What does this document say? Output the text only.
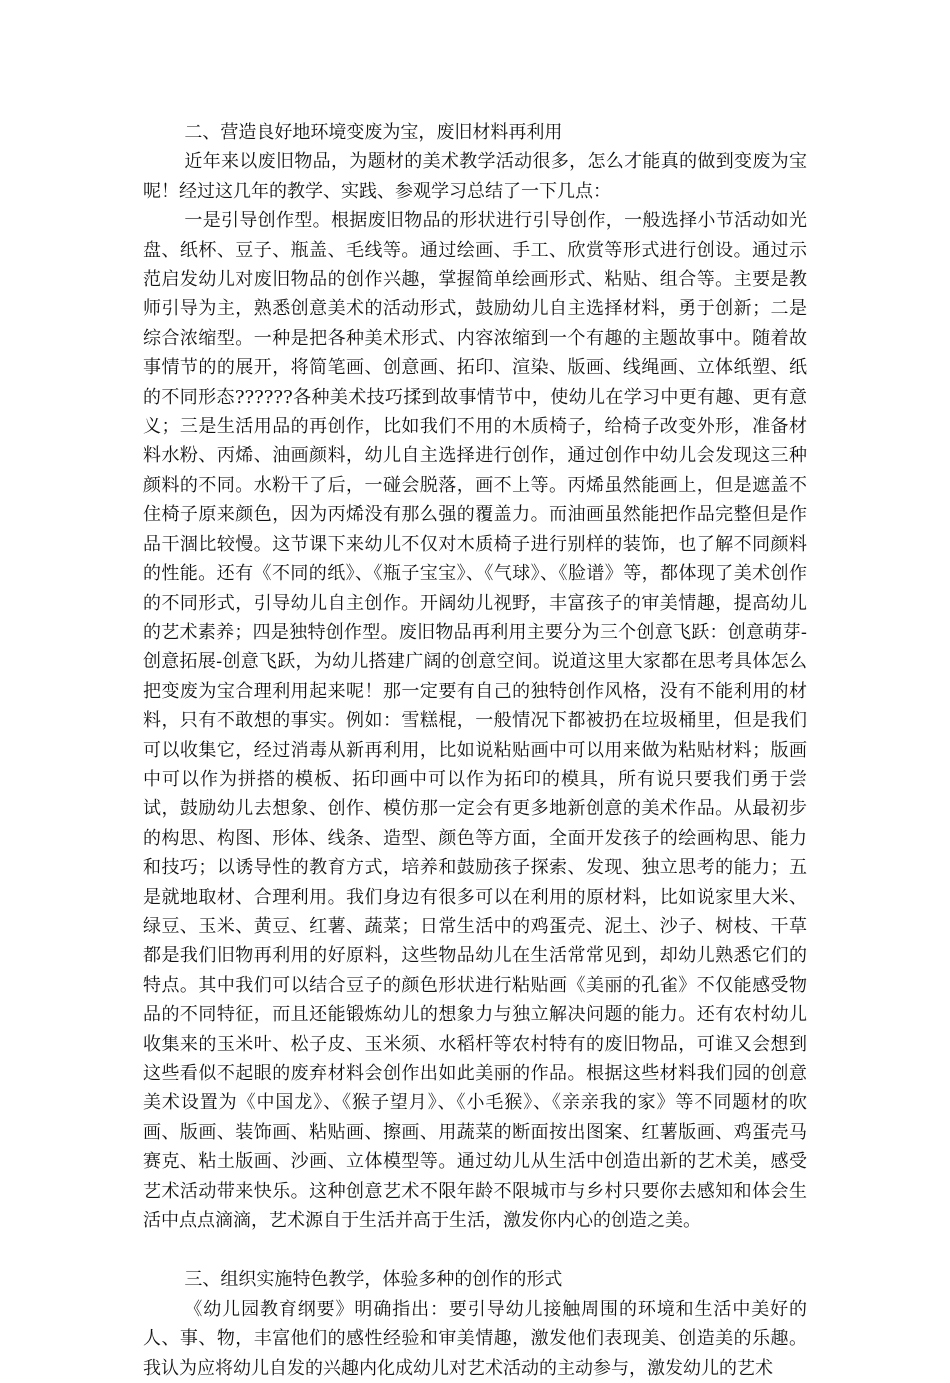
二、营造良好地环境变废为宝，废旧材料再利用

近年来以废旧物品，为题材的美术教学活动很多，怎么才能真的做到变废为宝呢！经过这几年的教学、实践、参观学习总结了一下几点：

一是引导创作型。根据废旧物品的形状进行引导创作，一般选择小节活动如光盘、纸杯、豆子、瓶盖、毛线等。通过绘画、手工、欣赏等形式进行创设。通过示范启发幼儿对废旧物品的创作兴趣，掌握简单绘画形式、粘贴、组合等。主要是教师引导为主，熟悉创意美术的活动形式，鼓励幼儿自主选择材料，勇于创新；二是综合浓缩型。一种是把各种美术形式、内容浓缩到一个有趣的主题故事中。随着故事情节的的展开，将简笔画、创意画、拓印、渲染、版画、线绳画、立体纸塑、纸的不同形态??????各种美术技巧揉到故事情节中，使幼儿在学习中更有趣、更有意义；三是生活用品的再创作，比如我们不用的木质椅子，给椅子改变外形，准备材料水粉、丙烯、油画颜料，幼儿自主选择进行创作，通过创作中幼儿会发现这三种颜料的不同。水粉干了后，一碰会脱落，画不上等。丙烯虽然能画上，但是遮盖不住椅子原来颜色，因为丙烯没有那么强的覆盖力。而油画虽然能把作品完整但是作品干涸比较慢。这节课下来幼儿不仅对木质椅子进行别样的装饰，也了解不同颜料的性能。还有《不同的纸》、《瓶子宝宝》、《气球》、《脸谱》等，都体现了美术创作的不同形式，引导幼儿自主创作。开阔幼儿视野，丰富孩子的审美情趣，提高幼儿的艺术素养；四是独特创作型。废旧物品再利用主要分为三个创意飞跃：创意萌芽-创意拓展-创意飞跃，为幼儿搭建广阔的创意空间。说道这里大家都在思考具体怎么把变废为宝合理利用起来呢！那一定要有自己的独特创作风格，没有不能利用的材料，只有不敢想的事实。例如：雪糕棍，一般情况下都被扔在垃圾桶里，但是我们可以收集它，经过消毒从新再利用，比如说粘贴画中可以用来做为粘贴材料；版画中可以作为拼搭的模板、拓印画中可以作为拓印的模具，所有说只要我们勇于尝试，鼓励幼儿去想象、创作、模仿那一定会有更多地新创意的美术作品。从最初步的构思、构图、形体、线条、造型、颜色等方面，全面开发孩子的绘画构思、能力和技巧；以诱导性的教育方式，培养和鼓励孩子探索、发现、独立思考的能力；五是就地取材、合理利用。我们身边有很多可以在利用的原材料，比如说家里大米、绿豆、玉米、黄豆、红薯、蔬菜；日常生活中的鸡蛋壳、泥土、沙子、树枝、干草都是我们旧物再利用的好原料，这些物品幼儿在生活常常见到，却幼儿熟悉它们的特点。其中我们可以结合豆子的颜色形状进行粘贴画《美丽的孔雀》不仅能感受物品的不同特征，而且还能锻炼幼儿的想象力与独立解决问题的能力。还有农村幼儿收集来的玉米叶、松子皮、玉米须、水稻杆等农村特有的废旧物品，可谁又会想到这些看似不起眼的废弃材料会创作出如此美丽的作品。根据这些材料我们园的创意美术设置为《中国龙》、《猴子望月》、《小毛猴》、《亲亲我的家》等不同题材的吹画、版画、装饰画、粘贴画、擦画、用蔬菜的断面按出图案、红薯版画、鸡蛋壳马赛克、粘土版画、沙画、立体模型等。通过幼儿从生活中创造出新的艺术美，感受艺术活动带来快乐。这种创意艺术不限年龄不限城市与乡村只要你去感知和体会生活中点点滴滴，艺术源自于生活并高于生活，激发你内心的创造之美。

三、组织实施特色教学，体验多种的创作的形式

《幼儿园教育纲要》明确指出：要引导幼儿接触周围的环境和生活中美好的人、事、物，丰富他们的感性经验和审美情趣，激发他们表现美、创造美的乐趣。我认为应将幼儿自发的兴趣内化成幼儿对艺术活动的主动参与，激发幼儿的艺术
